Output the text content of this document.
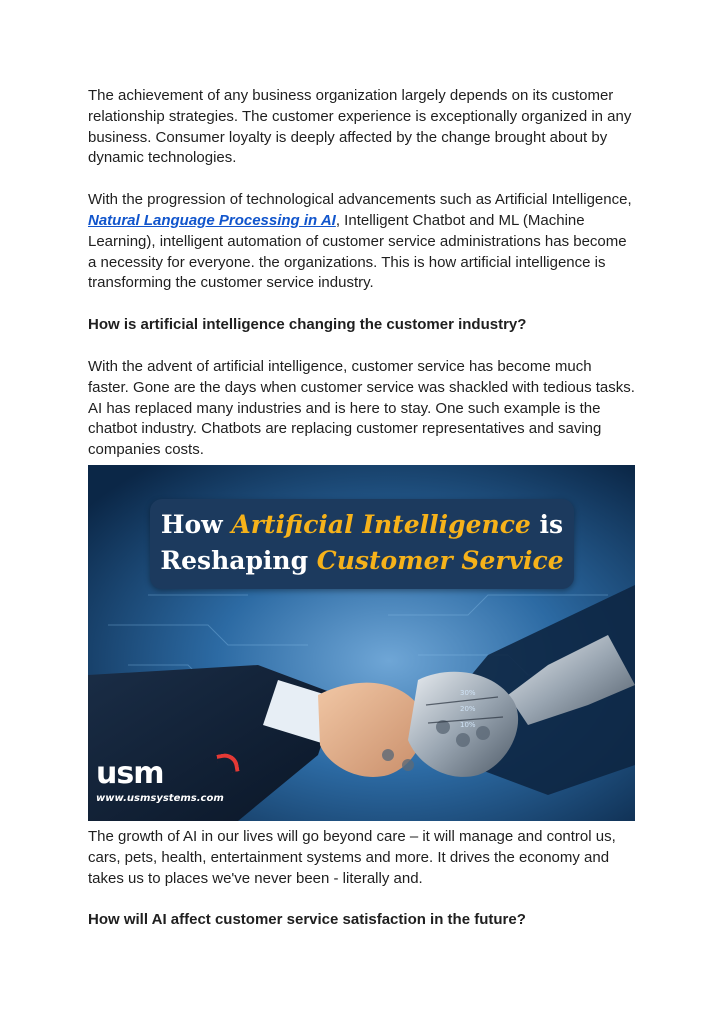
The achievement of any business organization largely depends on its customer relationship strategies. The customer experience is exceptionally organized in any business. Consumer loyalty is deeply affected by the change brought about by dynamic technologies.

With the progression of technological advancements such as Artificial Intelligence, Natural Language Processing in AI, Intelligent Chatbot and ML (Machine Learning), intelligent automation of customer service administrations has become a necessity for everyone. the organizations. This is how artificial intelligence is transforming the customer service industry.

How is artificial intelligence changing the customer industry?

With the advent of artificial intelligence, customer service has become much faster. Gone are the days when customer service was shackled with tedious tasks. AI has replaced many industries and is here to stay. One such example is the chatbot industry. Chatbots are replacing customer representatives and saving companies costs.

How Artificial Intelligence is
Reshaping Customer Service
30%
20%
10%
usm
www.usmsystems.com

The growth of AI in our lives will go beyond care – it will manage and control us, cars, pets, health, entertainment systems and more. It drives the economy and takes us to places we've never been - literally and.

How will AI affect customer service satisfaction in the future?
